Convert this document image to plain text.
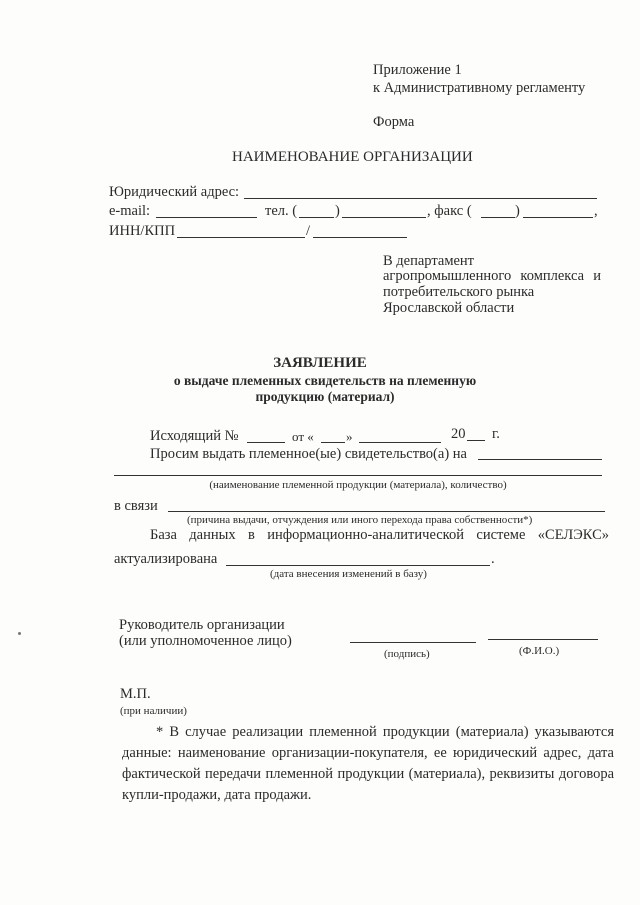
Приложение 1
к Административному регламенту
Форма
НАИМЕНОВАНИЕ ОРГАНИЗАЦИИ
Юридический адрес:
e-mail:	тел. (	)	, факс (	)	,
ИНН/КПП	/
В департамент
агропромышленного комплекса и
потребительского рынка
Ярославской области
ЗАЯВЛЕНИЕ
о выдаче племенных свидетельств на племенную
продукцию (материал)
Исходящий №	от « »	20 г.
Просим выдать племенное(ые) свидетельство(а) на
(наименование племенной продукции (материала), количество)
в связи
(причина выдачи, отчуждения или иного перехода права собственности*)
База данных в информационно-аналитической системе «СЕЛЭКС»
актуализирована	.
(дата внесения изменений в базу)
Руководитель организации
(или уполномоченное лицо)
(подпись)	(Ф.И.О.)
М.П.
(при наличии)
* В случае реализации племенной продукции (материала) указываются данные: наименование организации-покупателя, ее юридический адрес, дата фактической передачи племенной продукции (материала), реквизиты договора купли-продажи, дата продажи.
